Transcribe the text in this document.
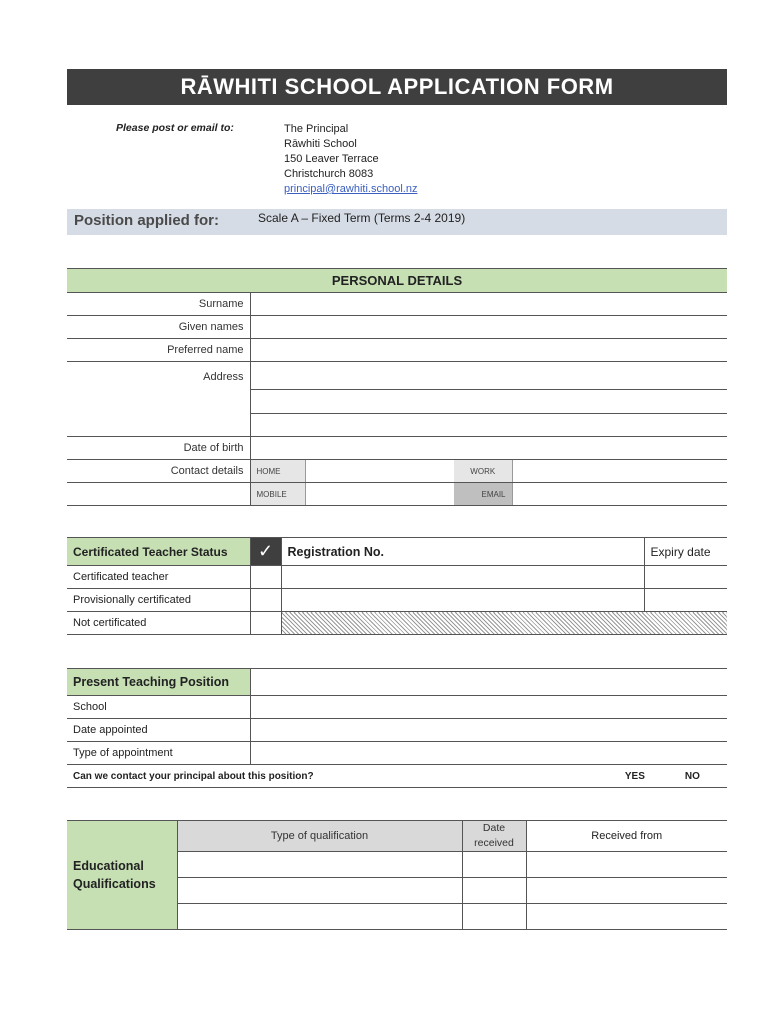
RĀWHITI SCHOOL APPLICATION FORM
Please post or email to:	The Principal
Rāwhiti School
150 Leaver Terrace
Christchurch 8083
principal@rawhiti.school.nz
Position applied for:	Scale A – Fixed Term (Terms 2-4 2019)
PERSONAL DETAILS				
Surname				
Given names				
Preferred name				
Address				

Date of birth				
Contact details	HOME		WORK	
	MOBILE		EMAIL	
Certificated Teacher Status	✓	Registration No.	Expiry date
Certificated teacher			
Provisionally certificated			
Not certificated			
Present Teaching Position			
School			
Date appointed			
Type of appointment			
Can we contact your principal about this position?		YES	NO
Educational Qualifications	Type of qualification	Date received	Received from
